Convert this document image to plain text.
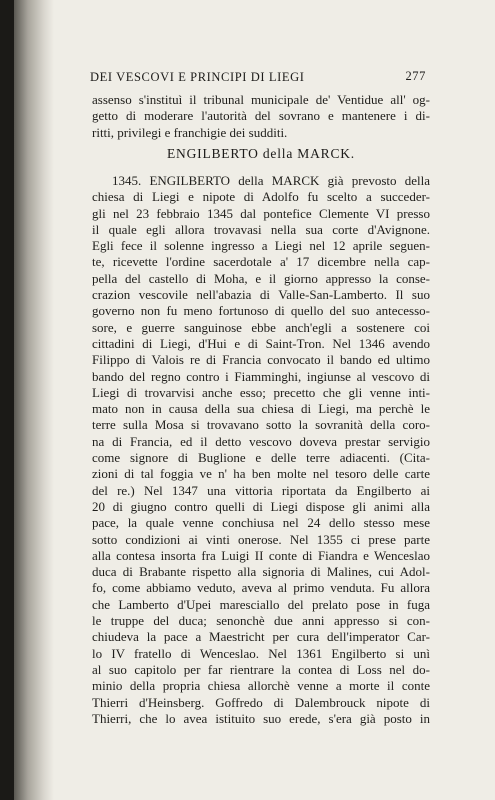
DEI VESCOVI E PRINCIPI DI LIEGI	277
assenso s'instituì il tribunal municipale de' Ventidue all' og-
getto di moderare l'autorità del sovrano e mantenere i di-
ritti, privilegi e franchigie dei sudditi.
ENGILBERTO della MARCK.
1345. ENGILBERTO della MARCK già prevosto della
chiesa di Liegi e nipote di Adolfo fu scelto a succeder-
gli nel 23 febbraio 1345 dal pontefice Clemente VI presso
il quale egli allora trovavasi nella sua corte d'Avignone.
Egli fece il solenne ingresso a Liegi nel 12 aprile seguen-
te, ricevette l'ordine sacerdotale a' 17 dicembre nella cap-
pella del castello di Moha, e il giorno appresso la conse-
crazion vescovile nell'abazia di Valle-San-Lamberto. Il suo
governo non fu meno fortunoso di quello del suo antecesso-
sore, e guerre sanguinose ebbe anch'egli a sostenere coi
cittadini di Liegi, d'Hui e di Saint-Tron. Nel 1346 avendo
Filippo di Valois re di Francia convocato il bando ed ultimo
bando del regno contro i Fiamminghi, ingiunse al vescovo di
Liegi di trovarvisi anche esso; precetto che gli venne inti-
mato non in causa della sua chiesa di Liegi, ma perchè le
terre sulla Mosa si trovavano sotto la sovranità della coro-
na di Francia, ed il detto vescovo doveva prestar servigio
come signore di Buglione e delle terre adiacenti. (Cita-
zioni di tal foggia ve n' ha ben molte nel tesoro delle carte
del re.) Nel 1347 una vittoria riportata da Engilberto ai
20 di giugno contro quelli di Liegi dispose gli animi alla
pace, la quale venne conchiusa nel 24 dello stesso mese
sotto condizioni ai vinti onerose. Nel 1355 ci prese parte
alla contesa insorta fra Luigi II conte di Fiandra e Wenceslao
duca di Brabante rispetto alla signoria di Malines, cui Adol-
fo, come abbiamo veduto, aveva al primo venduta. Fu allora
che Lamberto d'Upei maresciallo del prelato pose in fuga
le truppe del duca; senonchè due anni appresso si con-
chiudeva la pace a Maestricht per cura dell'imperator Car-
lo IV fratello di Wenceslao. Nel 1361 Engilberto si unì
al suo capitolo per far rientrare la contea di Loss nel do-
minio della propria chiesa allorchè venne a morte il conte
Thierri d'Heinsberg. Goffredo di Dalembrouck nipote di
Thierri, che lo avea istituito suo erede, s'era già posto in
